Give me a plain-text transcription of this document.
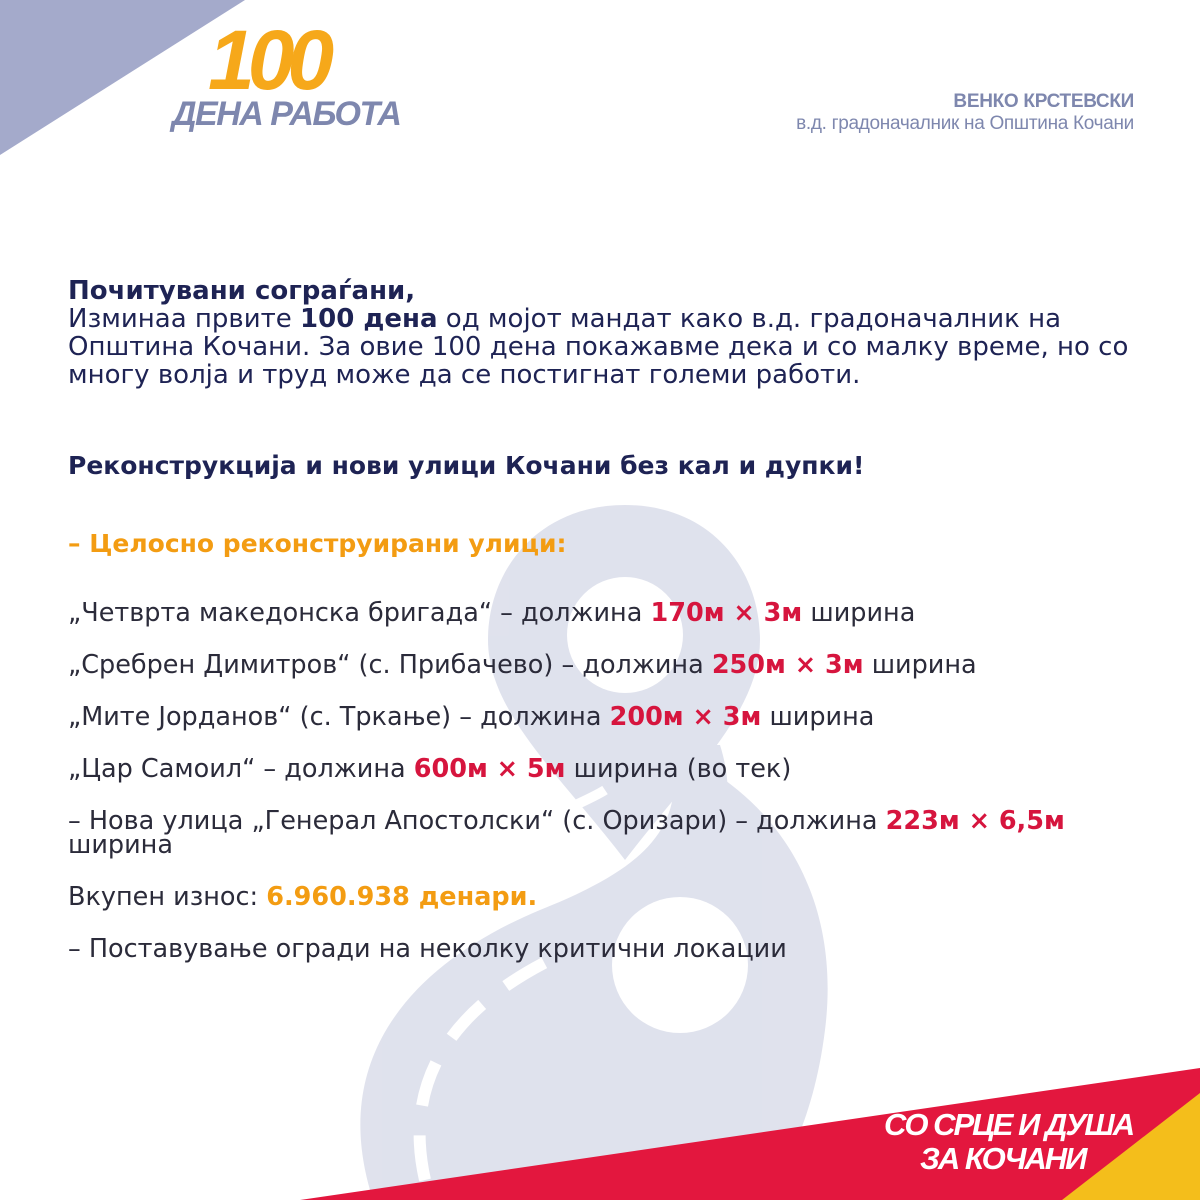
100
ДЕНА РАБОТА	ВЕНКО КРСТЕВСКИ
в.д. градоначалник на Општина Кочани
Почитувани сограѓани,
Изминаа првите 100 дена од мојот мандат како в.д. градоначалник на Општина Кочани. За овие 100 дена покажавме дека и со малку време, но со многу волја и труд може да се постигнат големи работи.
Реконструкција и нови улици Кочани без кал и дупки!
– Целосно реконструирани улици:
„Четврта македонска бригада“ – должина 170м × 3м ширина
„Сребрен Димитров“ (с. Прибачево) – должина 250м × 3м ширина
„Мите Јорданов“ (с. Тркање) – должина 200м × 3м ширина
„Цар Самоил“ – должина 600м × 5м ширина (во тек)
– Нова улица „Генерал Апостолски“ (с. Оризари) – должина 223м × 6,5м ширина
Вкупен износ: 6.960.938 денари.
– Поставување огради на неколку критични локации
СО СРЦЕ И ДУША
ЗА КОЧАНИ
